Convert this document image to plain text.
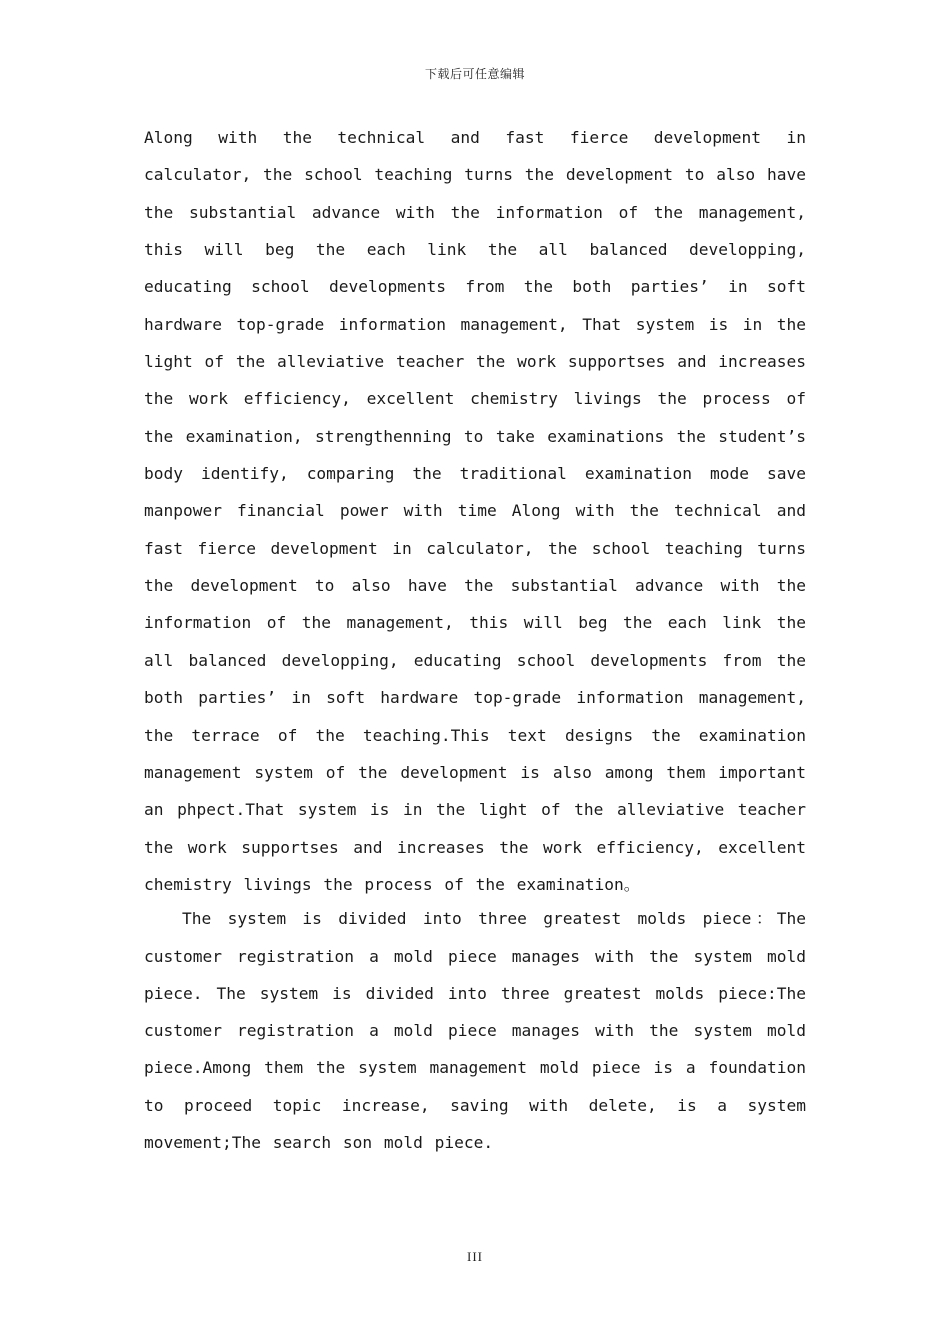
下载后可任意编辑

Along with the technical and fast fierce development in calculator, the school teaching turns the development to also have the substantial advance with the information of the management, this will beg the each link the all balanced developping, educating school developments from the both parties’ in soft hardware top-grade information management, That system is in the light of the alleviative teacher the work supportses and increases the work efficiency, excellent chemistry livings the process of the examination, strengthenning to take examinations the student’s body identify, comparing the traditional examination mode save manpower financial power with time Along with the technical and fast fierce development in calculator, the school teaching turns the development to also have the substantial advance with the information of the management, this will beg the each link the all balanced developping, educating school developments from the both parties’ in soft hardware top-grade information management, the terrace of the teaching.This text designs the examination management system of the development is also among them important an phpect.That system is in the light of the alleviative teacher the work supportses and increases the work efficiency, excellent chemistry livings the process of the examination。

The system is divided into three greatest molds piece：The customer registration a mold piece manages with the system mold piece. The system is divided into three greatest molds piece:The customer registration a mold piece manages with the system mold piece.Among them the system management mold piece is a foundation to proceed topic increase, saving with delete, is a system movement;The search son mold piece.

III
